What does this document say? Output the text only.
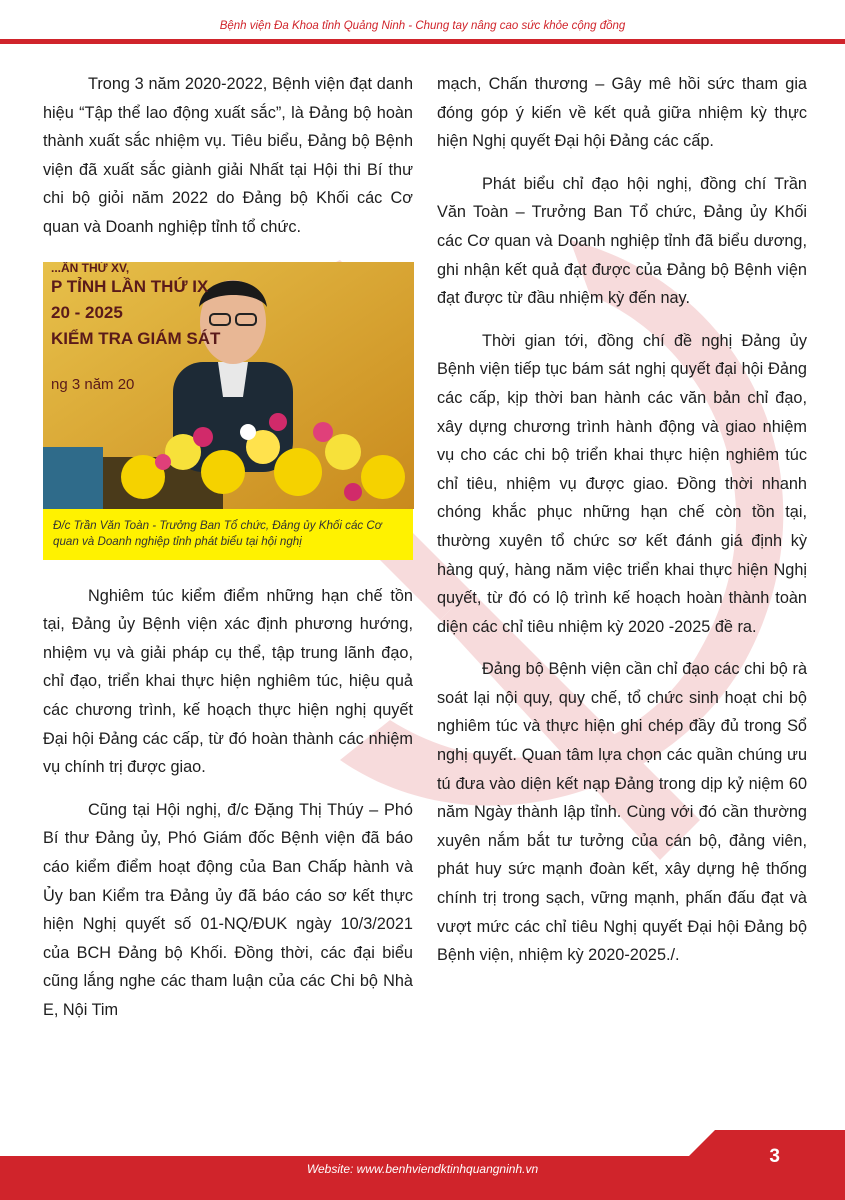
Bệnh viện Đa Khoa tỉnh Quảng Ninh - Chung tay nâng cao sức khỏe cộng đồng

Trong 3 năm 2020-2022, Bệnh viện đạt danh hiệu “Tập thể lao động xuất sắc”, là Đảng bộ hoàn thành xuất sắc nhiệm vụ. Tiêu biểu, Đảng bộ Bệnh viện đã xuất sắc giành giải Nhất tại Hội thi Bí thư chi bộ giỏi năm 2022 do Đảng bộ Khối các Cơ quan và Doanh nghiệp tỉnh tổ chức.

...ÂN THỨ XV,
P TỈNH LẦN THỨ IX
20 - 2025
KIỂM TRA GIÁM SÁT
ng 3 năm 20
Đ/c Trần Văn Toàn - Trưởng Ban Tổ chức, Đảng ủy Khối các Cơ quan và Doanh nghiệp tỉnh phát biểu tại hội nghị

Nghiêm túc kiểm điểm những hạn chế tồn tại, Đảng ủy Bệnh viện xác định phương hướng, nhiệm vụ và giải pháp cụ thể, tập trung lãnh đạo, chỉ đạo, triển khai thực hiện nghiêm túc, hiệu quả các chương trình, kế hoạch thực hiện nghị quyết Đại hội Đảng các cấp, từ đó hoàn thành các nhiệm vụ chính trị được giao.

Cũng tại Hội nghị, đ/c Đặng Thị Thúy – Phó Bí thư Đảng ủy, Phó Giám đốc Bệnh viện đã báo cáo kiểm điểm hoạt động của Ban Chấp hành và Ủy ban Kiểm tra Đảng ủy đã báo cáo sơ kết thực hiện Nghị quyết số 01-NQ/ĐUK ngày 10/3/2021 của BCH Đảng bộ Khối. Đồng thời, các đại biểu cũng lắng nghe các tham luận của các Chi bộ Nhà E, Nội Tim

mạch, Chấn thương – Gây mê hồi sức tham gia đóng góp ý kiến về kết quả giữa nhiệm kỳ thực hiện Nghị quyết Đại hội Đảng các cấp.

Phát biểu chỉ đạo hội nghị, đồng chí Trần Văn Toàn – Trưởng Ban Tổ chức, Đảng ủy Khối các Cơ quan và Doanh nghiệp tỉnh đã biểu dương, ghi nhận kết quả đạt được của Đảng bộ Bệnh viện đạt được từ đầu nhiệm kỳ đến nay.

Thời gian tới, đồng chí đề nghị Đảng ủy Bệnh viện tiếp tục bám sát nghị quyết đại hội Đảng các cấp, kịp thời ban hành các văn bản chỉ đạo, xây dựng chương trình hành động và giao nhiệm vụ cho các chi bộ triển khai thực hiện nghiêm túc chỉ tiêu, nhiệm vụ được giao. Đồng thời nhanh chóng khắc phục những hạn chế còn tồn tại, thường xuyên tổ chức sơ kết đánh giá định kỳ hàng quý, hàng năm việc triển khai thực hiện Nghị quyết, từ đó có lộ trình kế hoạch hoàn thành toàn diện các chỉ tiêu nhiệm kỳ 2020 -2025 đề ra.

Đảng bộ Bệnh viện cần chỉ đạo các chi bộ rà soát lại nội quy, quy chế, tổ chức sinh hoạt chi bộ nghiêm túc và thực hiện ghi chép đầy đủ trong Sổ nghị quyết. Quan tâm lựa chọn các quần chúng ưu tú đưa vào diện kết nạp Đảng trong dịp kỷ niệm 60 năm Ngày thành lập tỉnh. Cùng với đó cần thường xuyên nắm bắt tư tưởng của cán bộ, đảng viên, phát huy sức mạnh đoàn kết, xây dựng hệ thống chính trị trong sạch, vững mạnh, phấn đấu đạt và vượt mức các chỉ tiêu Nghị quyết Đại hội Đảng bộ Bệnh viện, nhiệm kỳ 2020-2025./.

Website: www.benhviendktinhquangninh.vn
3
